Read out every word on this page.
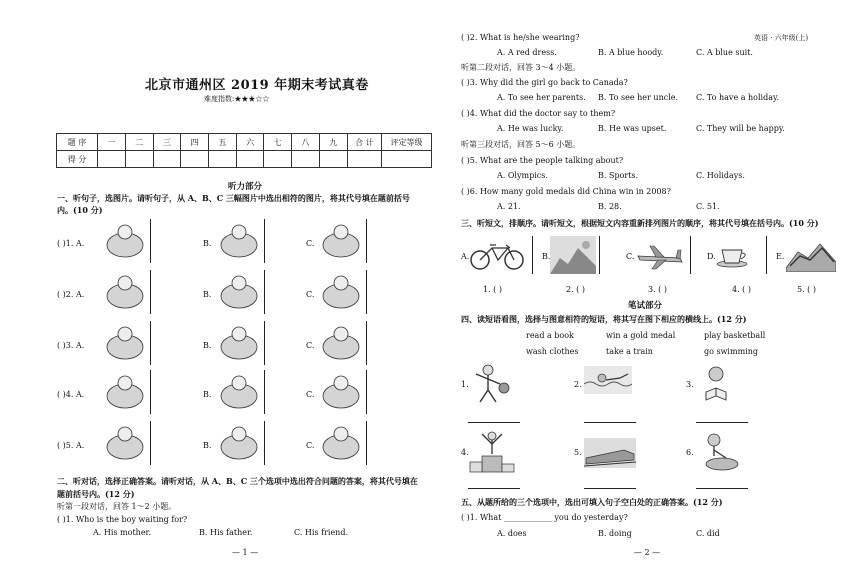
北京市通州区 2019 年期末考试真卷
难度指数:★★★☆☆
题 序	一	二	三	四	五	六	七	八	九	合 计	评定等级
得 分											
听力部分
一、听句子，选图片。请听句子，从 A、B、C 三幅图片中选出相符的图片，将其代号填在题前括号
内。(10 分)
( )1. A.	B.	C.
( )2. A.	B.	C.
( )3. A.	B.	C.
( )4. A.	B.	C.
( )5. A.	B.	C.
二、听对话，选择正确答案。请听对话，从 A、B、C 三个选项中选出符合问题的答案，将其代号填在
题前括号内。(12 分)
听第一段对话，回答 1～2 小题。
( )1. Who is the boy waiting for?
A. His mother.	B. His father.	C. His friend.
— 1 —
英语 · 六年级(上)
( )2. What is he/she wearing?
A. A red dress.	B. A blue hoody.	C. A blue suit.
听第二段对话，回答 3～4 小题。
( )3. Why did the girl go back to Canada?
A. To see her parents. B. To see her uncle. C. To have a holiday.
( )4. What did the doctor say to them?
A. He was lucky.	B. He was upset.	C. They will be happy.
听第三段对话，回答 5～6 小题。
( )5. What are the people talking about?
A. Olympics.	B. Sports.	C. Holidays.
( )6. How many gold medals did China win in 2008?
A. 21.	B. 28.	C. 51.
三、听短文，排顺序。请听短文，根据短文内容重新排列图片的顺序，将其代号填在括号内。(10 分)
A.	B.	C.	D.	E.
1. ( )	2. ( )	3. ( )	4. ( )	5. ( )
笔试部分
四、读短语看图，选择与图意相符的短语，将其写在图下相应的横线上。(12 分)
read a book	win a gold medal	play basketball
wash clothes	take a train	go swimming
1.	2.	3.
4.	5.	6.
五、从题所给的三个选项中，选出可填入句子空白处的正确答案。(12 分)
( )1. What ____________ you do yesterday?
A. does	B. doing	C. did
— 2 —
